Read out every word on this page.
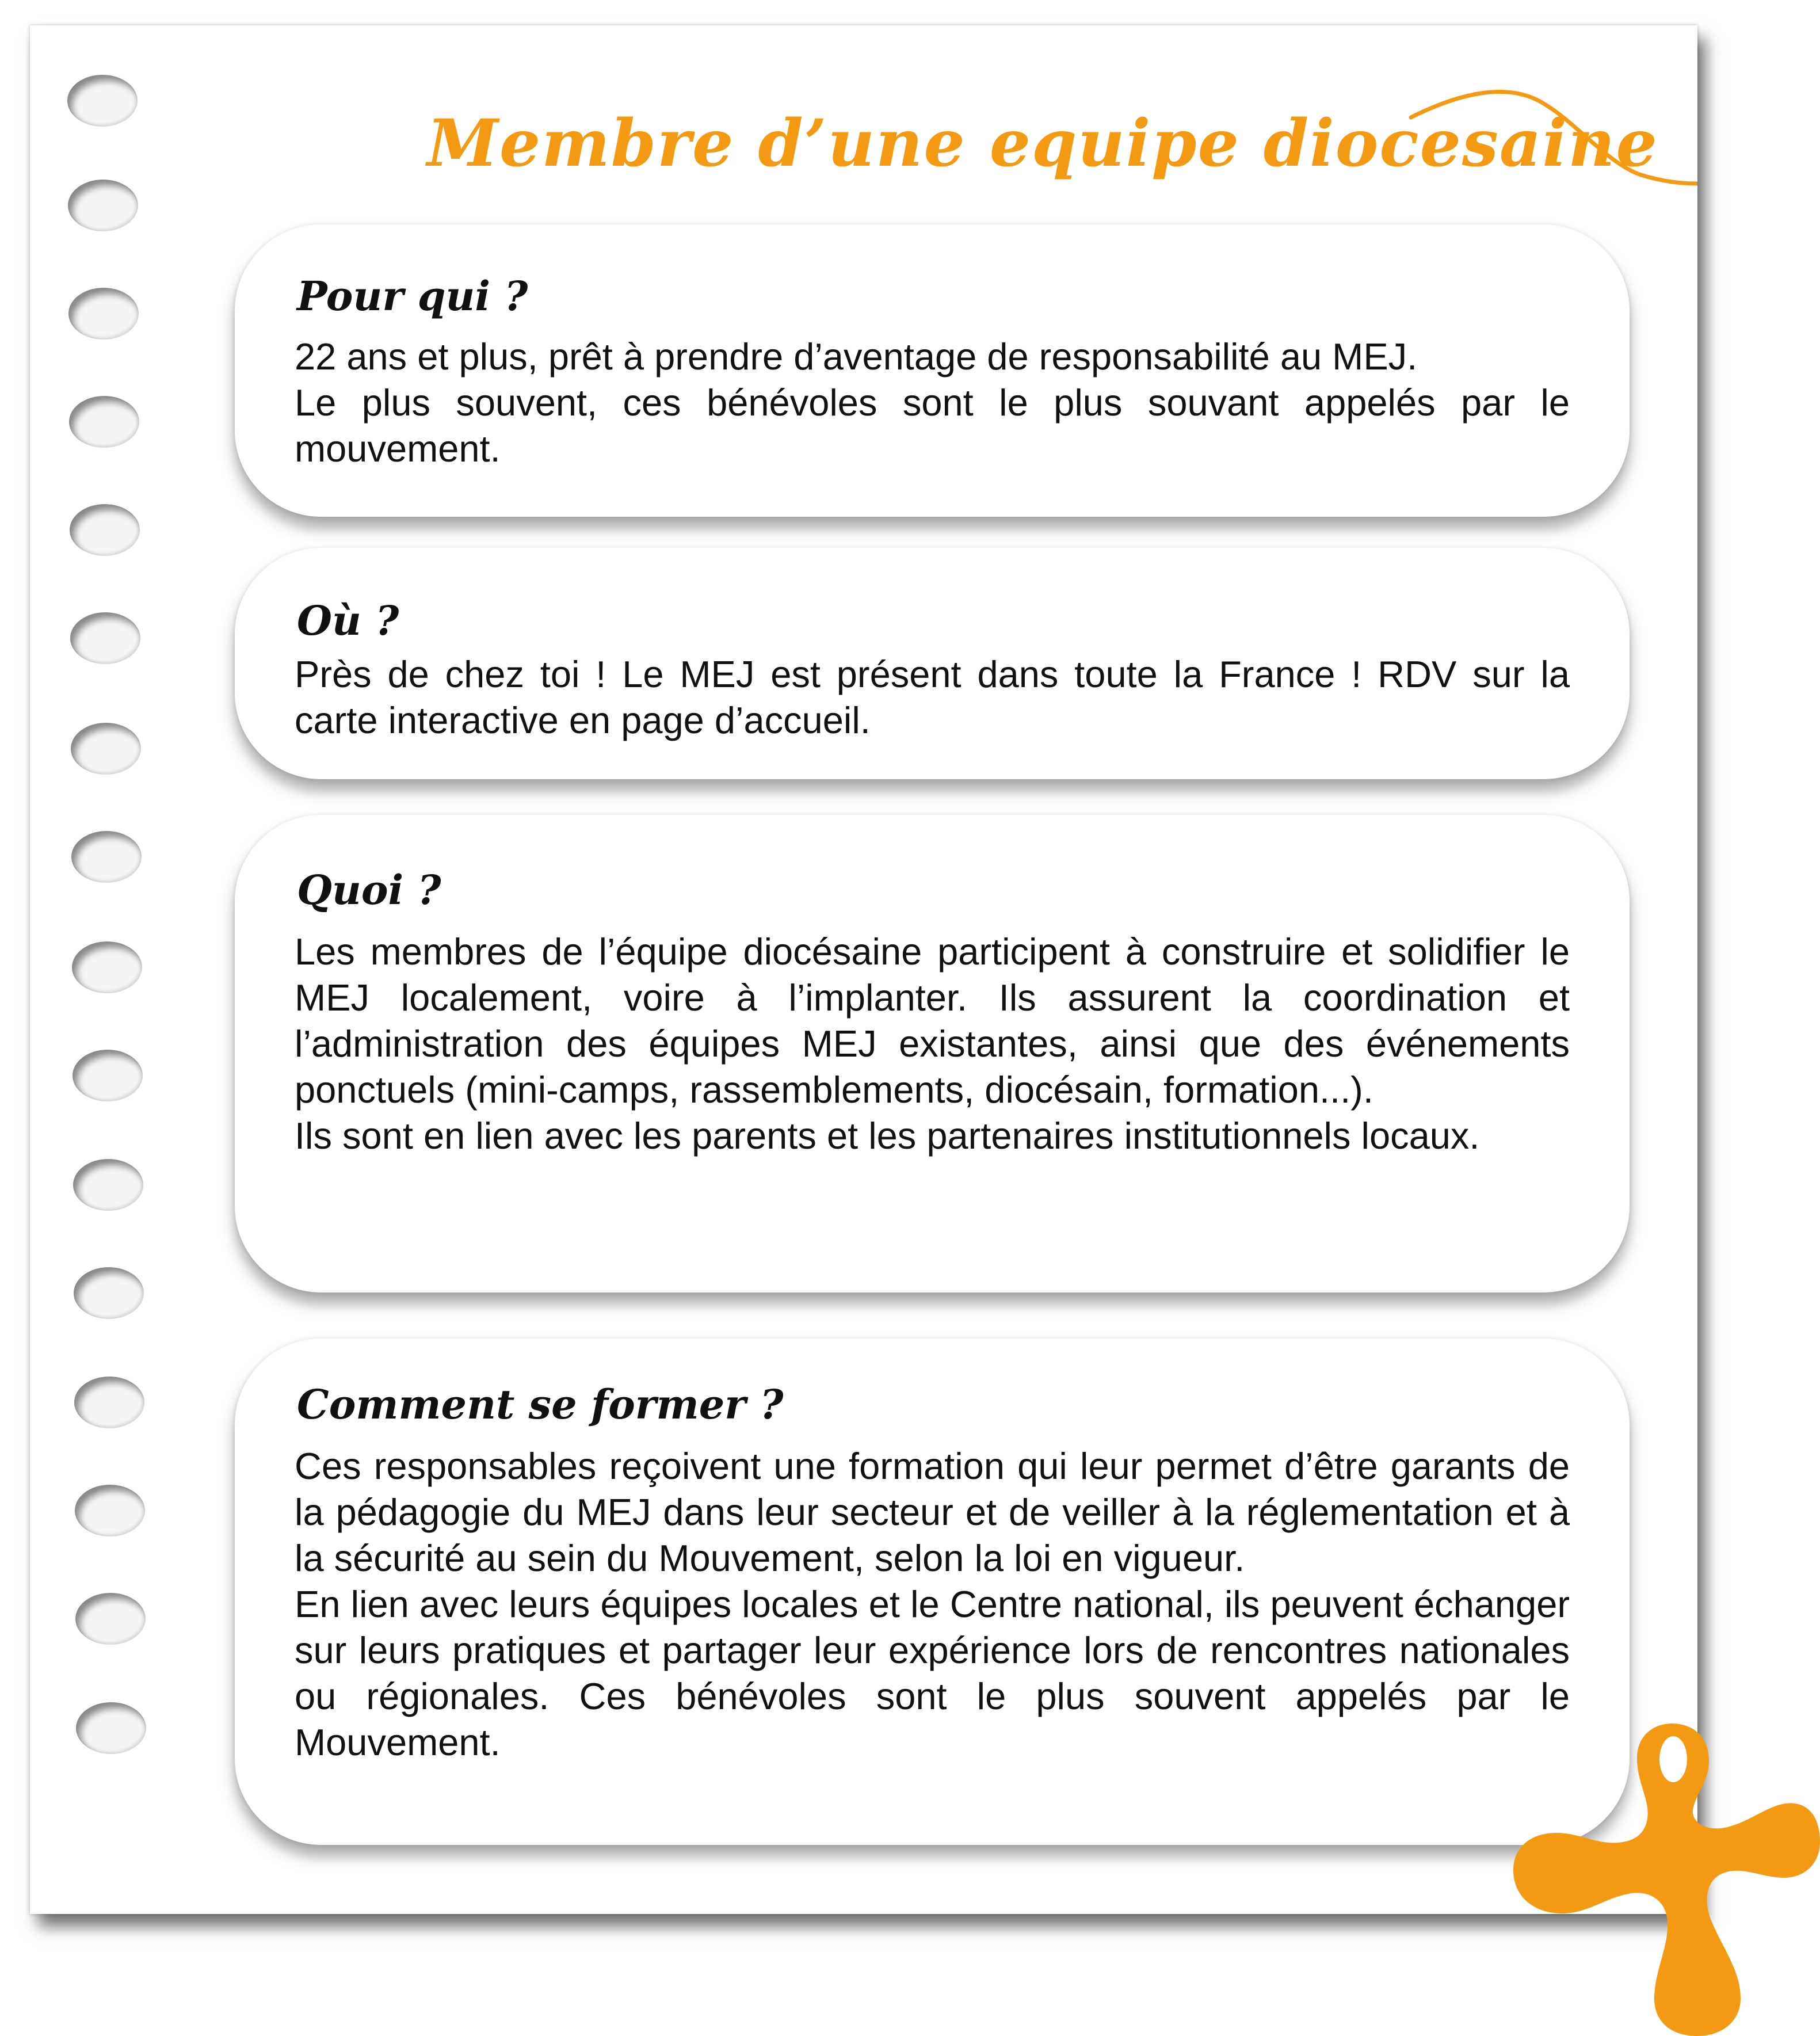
Membre d’une equipe diocesaine
Pour qui ?

22 ans et plus, prêt à prendre d’aventage de responsabilité au MEJ.
Le plus souvent, ces bénévoles sont le plus souvant appelés par le mouvement.

Où ?

Près de chez toi ! Le MEJ est présent dans toute la France ! RDV sur la carte interactive en page d’accueil.

Quoi ?

Les membres de l’équipe diocésaine participent à construire et solidifier le MEJ localement, voire à l’implanter. Ils assurent la coordination et l’administration des équipes MEJ existantes, ainsi que des événements ponctuels (mini-camps, rassemblements, diocésain, formation...).
Ils sont en lien avec les parents et les partenaires institutionnels locaux.

Comment se former ?

Ces responsables reçoivent une formation qui leur permet d’être garants de la pédagogie du MEJ dans leur secteur et de veiller à la réglementation et à la sécurité au sein du Mouvement, selon la loi en vigueur.
En lien avec leurs équipes locales et le Centre national, ils peuvent échanger sur leurs pratiques et partager leur expérience lors de rencontres nationales ou régionales. Ces bénévoles sont le plus souvent appelés par le Mouvement.
